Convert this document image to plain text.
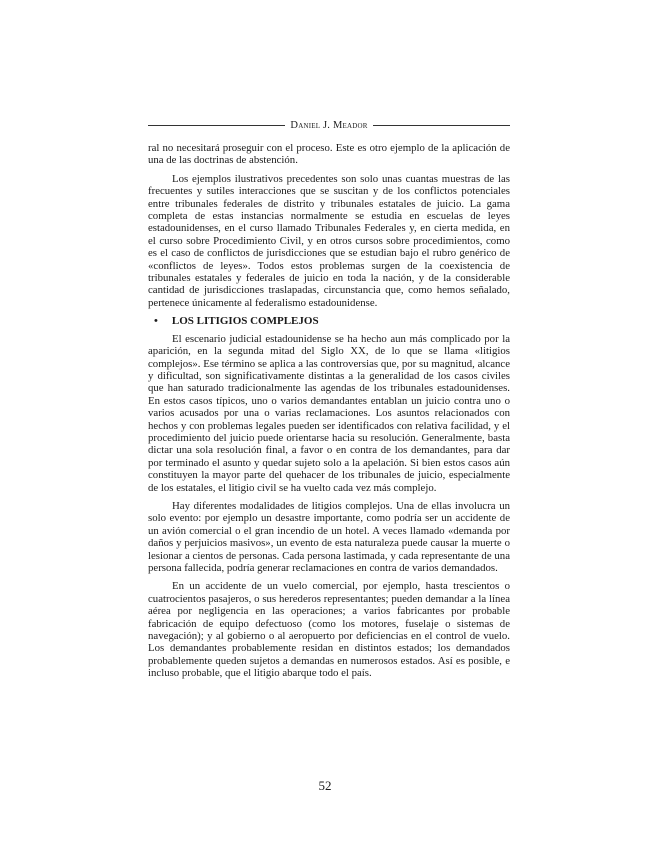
Daniel J. Meador

ral no necesitará proseguir con el proceso. Este es otro ejemplo de la aplicación de una de las doctrinas de abstención.

Los ejemplos ilustrativos precedentes son solo unas cuantas muestras de las frecuentes y sutiles interacciones que se suscitan y de los conflictos potenciales entre tribunales federales de distrito y tribunales estatales de juicio. La gama completa de estas instancias normalmente se estudia en escuelas de leyes estadounidenses, en el curso llamado Tribunales Federales y, en cierta medida, en el curso sobre Procedimiento Civil, y en otros cursos sobre procedimientos, como es el caso de conflictos de jurisdicciones que se estudian bajo el rubro genérico de «conflictos de leyes». Todos estos problemas surgen de la coexistencia de tribunales estatales y federales de juicio en toda la nación, y de la considerable cantidad de jurisdicciones traslapadas, circunstancia que, como hemos señalado, pertenece únicamente al federalismo estadounidense.

• LOS LITIGIOS COMPLEJOS

El escenario judicial estadounidense se ha hecho aun más complicado por la aparición, en la segunda mitad del Siglo XX, de lo que se llama «litigios complejos». Ese término se aplica a las controversias que, por su magnitud, alcance y dificultad, son significativamente distintas a la generalidad de los casos civiles que han saturado tradicionalmente las agendas de los tribunales estadounidenses. En estos casos típicos, uno o varios demandantes entablan un juicio contra uno o varios acusados por una o varias reclamaciones. Los asuntos relacionados con hechos y con problemas legales pueden ser identificados con relativa facilidad, y el procedimiento del juicio puede orientarse hacia su resolución. Generalmente, basta dictar una sola resolución final, a favor o en contra de los demandantes, para dar por terminado el asunto y quedar sujeto solo a la apelación. Si bien estos casos aún constituyen la mayor parte del quehacer de los tribunales de juicio, especialmente de los estatales, el litigio civil se ha vuelto cada vez más complejo.

Hay diferentes modalidades de litigios complejos. Una de ellas involucra un solo evento: por ejemplo un desastre importante, como podría ser un accidente de un avión comercial o el gran incendio de un hotel. A veces llamado «demanda por daños y perjuicios masivos», un evento de esta naturaleza puede causar la muerte o lesionar a cientos de personas. Cada persona lastimada, y cada representante de una persona fallecida, podría generar reclamaciones en contra de varios demandados.

En un accidente de un vuelo comercial, por ejemplo, hasta trescientos o cuatrocientos pasajeros, o sus herederos representantes; pueden demandar a la línea aérea por negligencia en las operaciones; a varios fabricantes por probable fabricación de equipo defectuoso (como los motores, fuselaje o sistemas de navegación); y al gobierno o al aeropuerto por deficiencias en el control de vuelo. Los demandantes probablemente residan en distintos estados; los demandados probablemente queden sujetos a demandas en numerosos estados. Así es posible, e incluso probable, que el litigio abarque todo el país.

52
